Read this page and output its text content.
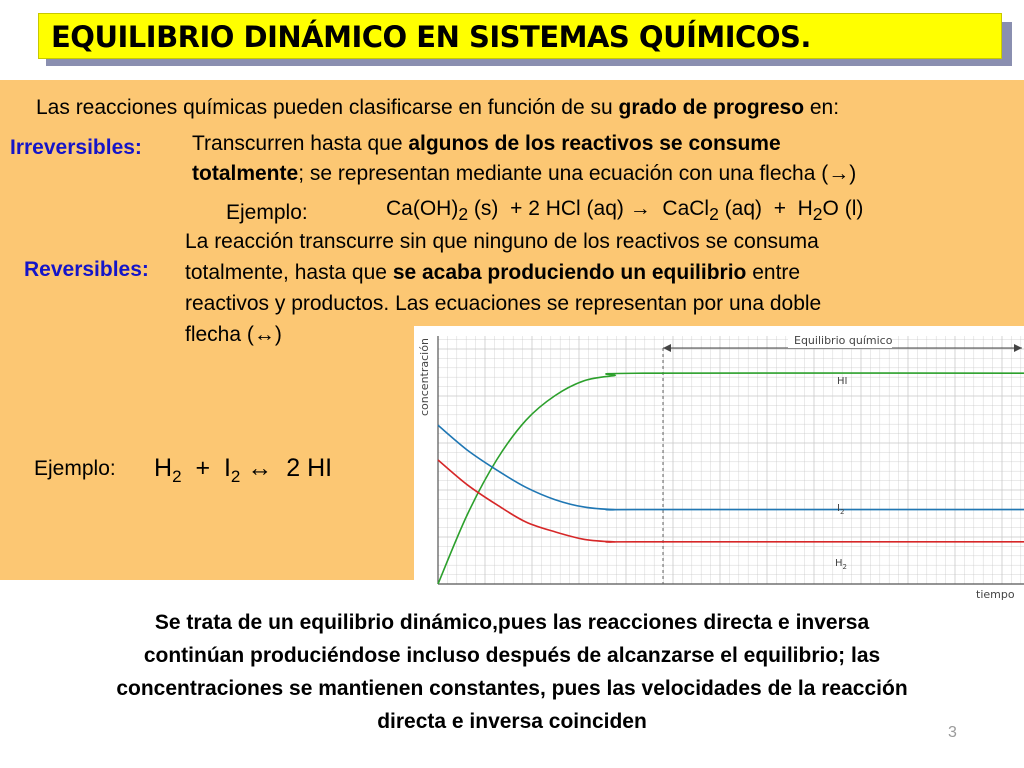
EQUILIBRIO DINÁMICO EN SISTEMAS QUÍMICOS.
Las reacciones químicas pueden clasificarse en función de su grado de progreso en:
Irreversibles: Transcurren hasta que algunos de los reactivos se consume
totalmente; se representan mediante una ecuación con una flecha (→)
Ejemplo:	$Ca(OH)_2$ (s) + 2 HCl (aq) → CaCl$_2$ $(aq) + H_2O$ (l)
Reversibles:
La reacción transcurre sin que ninguno de los reactivos se consuma
totalmente, hasta que se acaba produciendo un equilibrio entre
reactivos y productos. Las ecuaciones se representan por una doble
flecha (↔)
Ejemplo: $H_2 + I_2$ ↔ 2 HI
concentración
tiempo
Equilibrio químico
HI
$I_2$
$H_2$
Se trata de un equilibrio dinámico,pues las reacciones directa e inversa
continúan produciéndose incluso después de alcanzarse el equilibrio; las
concentraciones se mantienen constantes, pues las velocidades de la reacción
directa e inversa coinciden	3
